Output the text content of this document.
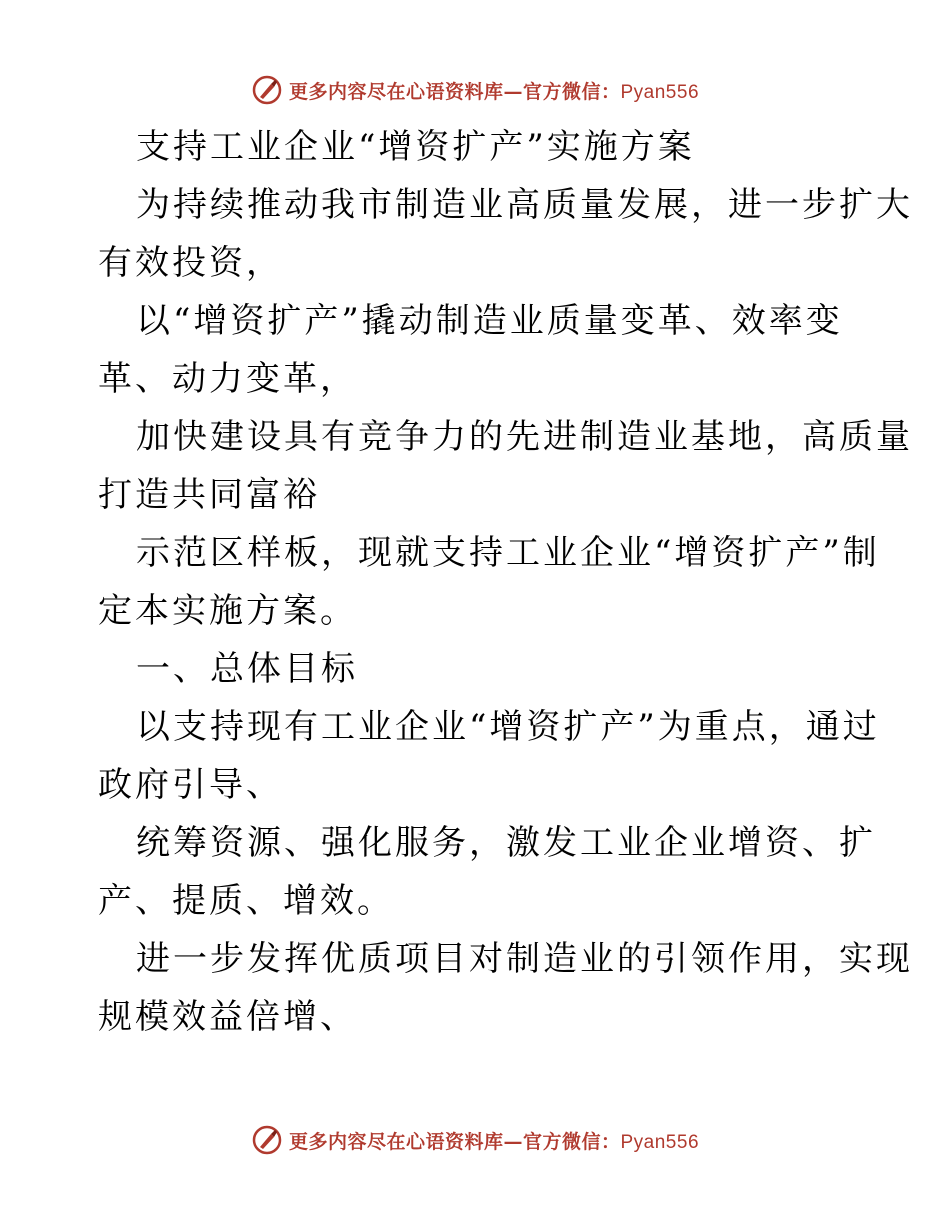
更多内容尽在心语资料库—官方微信：Pyan556
支持工业企业“增资扩产”实施方案
为持续推动我市制造业高质量发展，进一步扩大
有效投资，
以“增资扩产”撬动制造业质量变革、效率变
革、动力变革，
加快建设具有竞争力的先进制造业基地，高质量
打造共同富裕
示范区样板，现就支持工业企业“增资扩产”制
定本实施方案。
一、总体目标
以支持现有工业企业“增资扩产”为重点，通过
政府引导、
统筹资源、强化服务，激发工业企业增资、扩
产、提质、增效。
进一步发挥优质项目对制造业的引领作用，实现
规模效益倍增、
更多内容尽在心语资料库—官方微信：Pyan556
